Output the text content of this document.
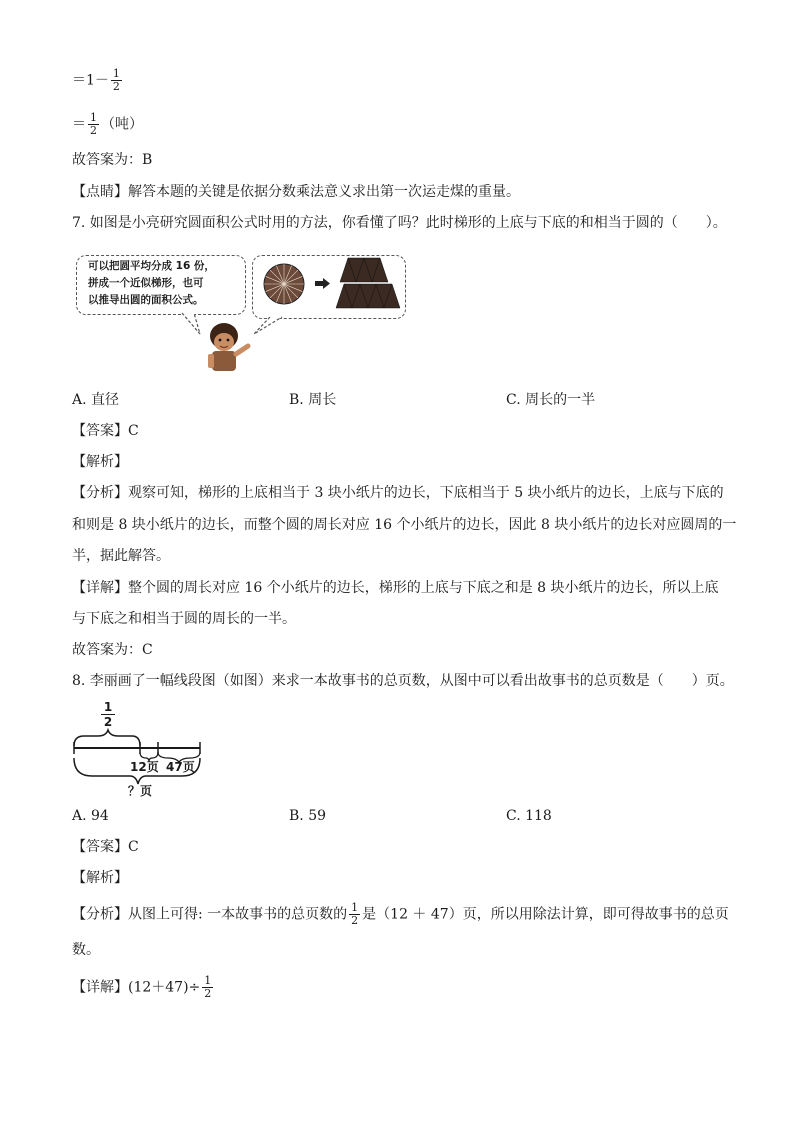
$=1- \frac{1}{2}$
＝ $\frac{1}{2}$ （吨）
故答案为：B
【点睛】解答本题的关键是依据分数乘法意义求出第一次运走煤的重量。
7. 如图是小亮研究圆面积公式时用的方法，你看懂了吗？此时梯形的上底与下底的和相当于圆的（　　）。
可以把圆平均分成 16 份，
拼成一个近似梯形，也可
以推导出圆的面积公式。
A. 直径	B. 周长	C. 周长的一半
【答案】C
【解析】
【分析】观察可知，梯形的上底相当于 3 块小纸片的边长，下底相当于 5 块小纸片的边长，上底与下底的
和则是 8 块小纸片的边长，而整个圆的周长对应 16 个小纸片的边长，因此 8 块小纸片的边长对应圆周的一
半，据此解答。
【详解】整个圆的周长对应 16 个小纸片的边长，梯形的上底与下底之和是 8 块小纸片的边长，所以上底
与下底之和相当于圆的周长的一半。
故答案为：C
8. 李丽画了一幅线段图（如图）来求一本故事书的总页数，从图中可以看出故事书的总页数是（　　）页。
1
2
12页 47页
？页
A. 94	B. 59	C. 118
【答案】C
【解析】
【分析】从图上可得: 一本故事书的总页数的 $\frac{1}{2}$ 是（12 ＋ 47）页，所以用除法计算，即可得故事书的总页
数。
【详解】$(12+47)\div \frac{1}{2}$
